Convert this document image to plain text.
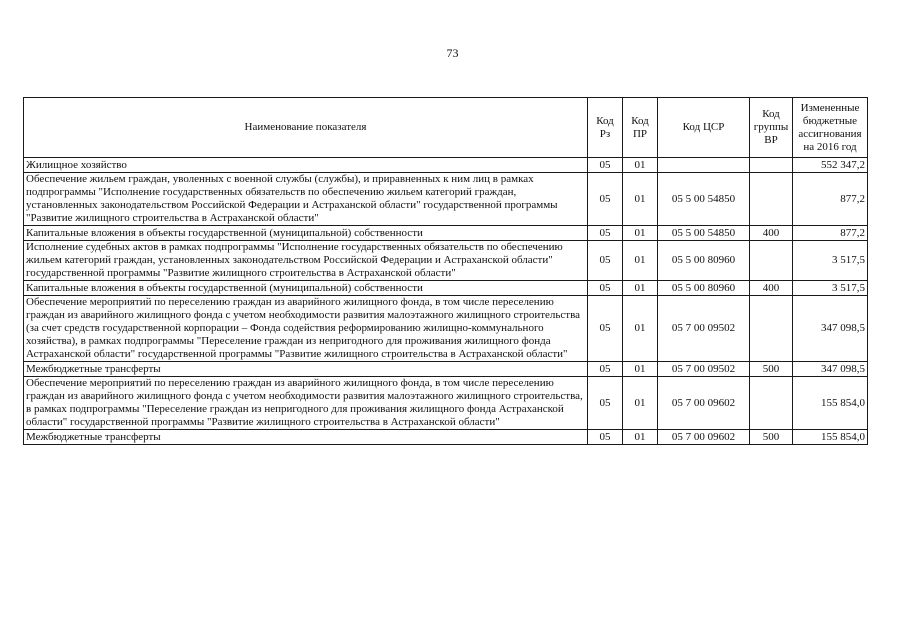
73
Наименование показателя	Код Рз	Код ПР	Код ЦСР	Код группы ВР	Измененные бюджетные ассигнования на 2016 год
Жилищное хозяйство	05	01			552 347,2
Обеспечение жильем граждан, уволенных с военной службы (службы), и приравненных к ним лиц в рамках подпрограммы "Исполнение государственных обязательств по обеспечению жильем категорий граждан, установленных законодательством Российской Федерации и Астраханской области" государственной программы "Развитие жилищного строительства в Астраханской области"	05	01	05 5 00 54850		877,2
Капитальные вложения в объекты государственной (муниципальной) собственности	05	01	05 5 00 54850	400	877,2
Исполнение судебных актов в рамках подпрограммы "Исполнение государственных обязательств по обеспечению жильем категорий граждан, установленных законодательством Российской Федерации и Астраханской области" государственной программы "Развитие жилищного строительства в Астраханской области"	05	01	05 5 00 80960		3 517,5
Капитальные вложения в объекты государственной (муниципальной) собственности	05	01	05 5 00 80960	400	3 517,5
Обеспечение мероприятий по переселению граждан из аварийного жилищного фонда, в том числе переселению граждан из аварийного жилищного фонда с учетом необходимости развития малоэтажного жилищного строительства (за счет средств государственной корпорации – Фонда содействия реформированию жилищно-коммунального хозяйства), в рамках подпрограммы "Переселение граждан из непригодного для проживания жилищного фонда Астраханской области" государственной программы "Развитие жилищного строительства в Астраханской области"	05	01	05 7 00 09502		347 098,5
Межбюджетные трансферты	05	01	05 7 00 09502	500	347 098,5
Обеспечение мероприятий по переселению граждан из аварийного жилищного фонда, в том числе переселению граждан из аварийного жилищного фонда с учетом необходимости развития малоэтажного жилищного строительства, в рамках подпрограммы "Переселение граждан из непригодного для проживания жилищного фонда Астраханской области" государственной программы "Развитие жилищного строительства в Астраханской области"	05	01	05 7 00 09602		155 854,0
Межбюджетные трансферты	05	01	05 7 00 09602	500	155 854,0
